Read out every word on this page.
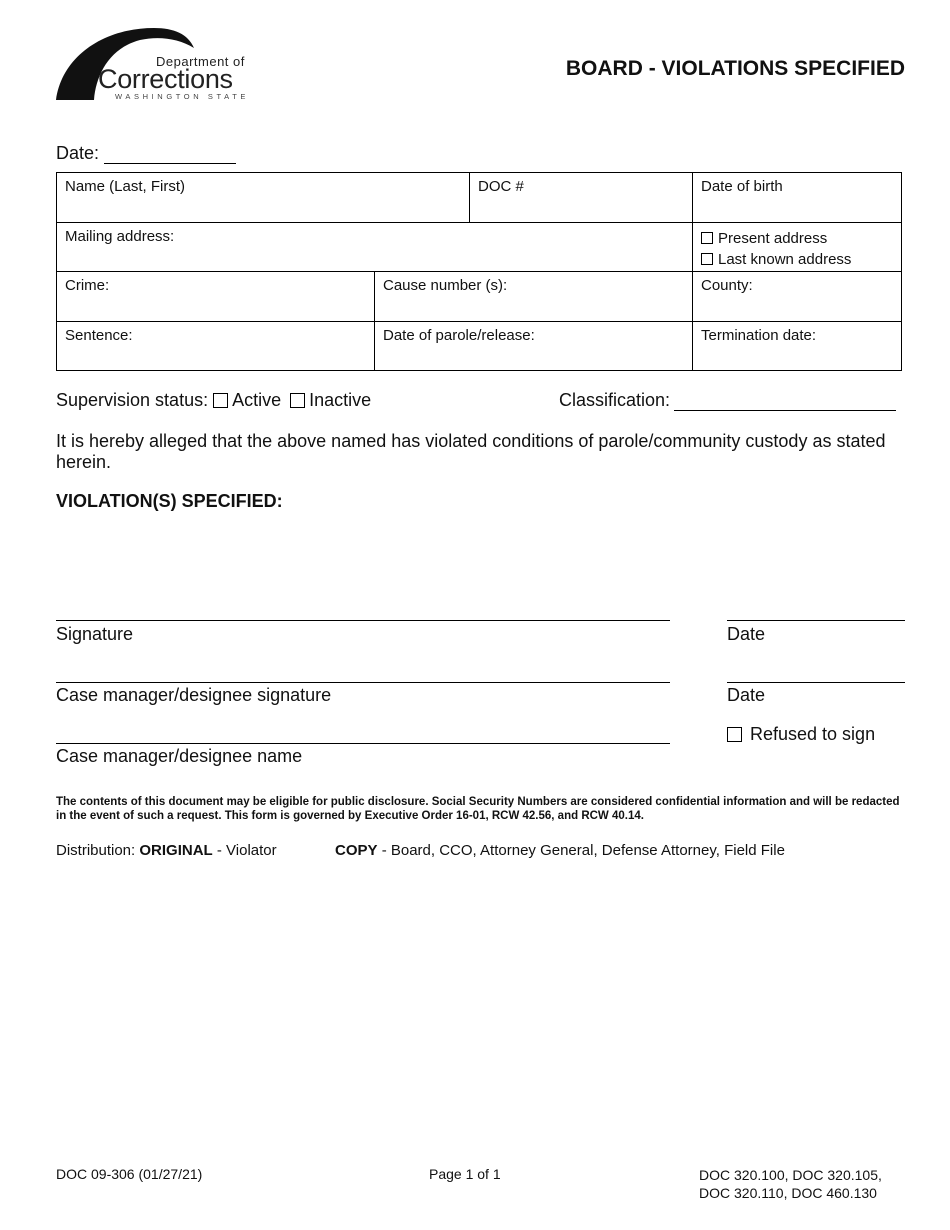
Department of
Corrections
WASHINGTON STATE
BOARD - VIOLATIONS SPECIFIED
Date:
Name (Last, First)	DOC #	Date of birth
Mailing address:	Present address
Last known address
Crime:	Cause number (s):	County:
Sentence:	Date of parole/release:	Termination date:
Supervision status: Active Inactive	Classification:
It is hereby alleged that the above named has violated conditions of parole/community custody as stated herein.
VIOLATION(S) SPECIFIED:
Signature	Date
Case manager/designee signature	Date
Refused to sign
Case manager/designee name
The contents of this document may be eligible for public disclosure. Social Security Numbers are considered confidential information and will be redacted in the event of such a request. This form is governed by Executive Order 16-01, RCW 42.56, and RCW 40.14.
Distribution: ORIGINAL - Violator	COPY - Board, CCO, Attorney General, Defense Attorney, Field File
DOC 09-306 (01/27/21)	Page 1 of 1	DOC 320.100, DOC 320.105,
DOC 320.110, DOC 460.130
